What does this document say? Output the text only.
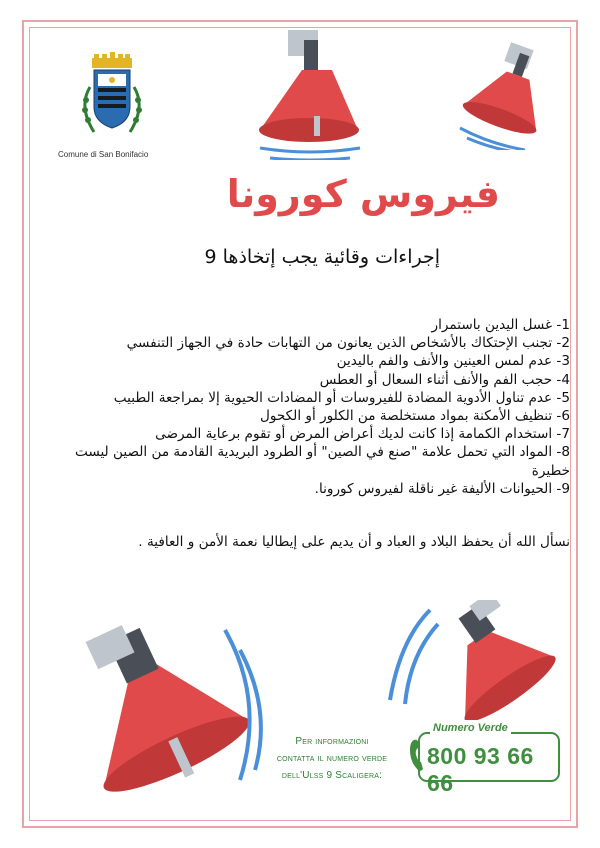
Comune di San Bonifacio
فيروس كورونا
إجراءات وقائية يجب إتخاذها 9
1- غسل اليدين باستمرار
2- تجنب الإحتكاك بالأشخاص الذين يعانون من التهابات حادة في الجهاز التنفسي
3- عدم لمس العينين والأنف والفم باليدين
4- حجب الفم والأنف أثناء السعال أو العطس
5- عدم تناول الأدوية المضادة للفيروسات أو المضادات الحيوية إلا بمراجعة الطبيب
6- تنظيف الأمكنة بمواد مستخلصة من الكلور أو الكحول
7- استخدام الكمامة إذا كانت لديك أعراض المرض أو تقوم برعاية المرضى
8- المواد التي تحمل علامة "صنع في الصين" أو الطرود البريدية القادمة من الصين ليست خطيرة
9- الحيوانات الأليفة غير ناقلة لفيروس كورونا.
نسأل الله أن يحفظ البلاد و العباد و أن يديم على إيطاليا نعمة الأمن و العافية .
Per informazioni
contatta il numero verde
dell'Ulss 9 Scaligera:
Numero Verde
800 93 66 66
